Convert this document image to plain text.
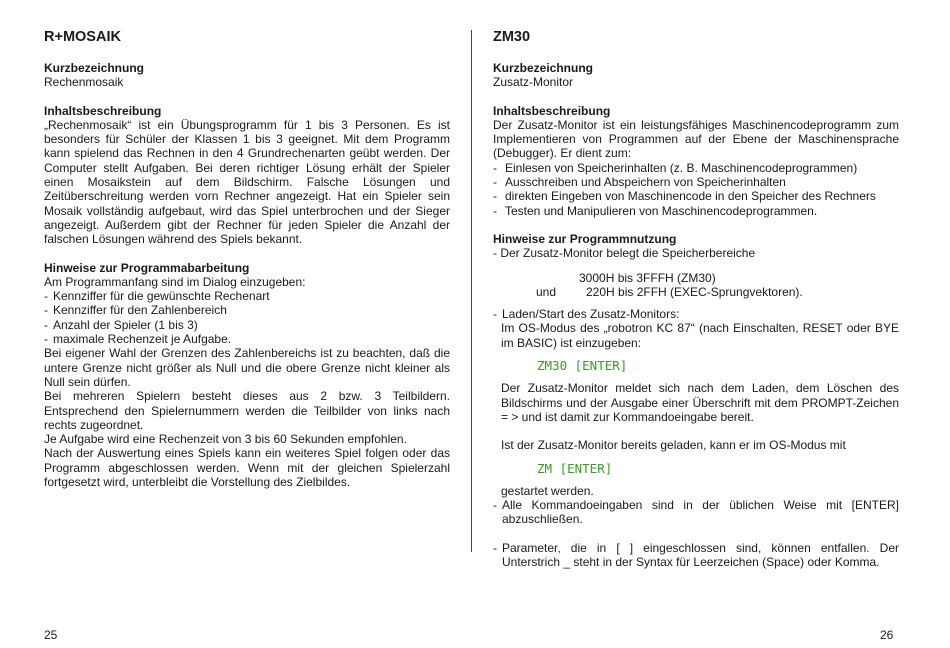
R+MOSAIK
Kurzbezeichnung
Rechenmosaik
Inhaltsbeschreibung
„Rechenmosaik“ ist ein Übungsprogramm für 1 bis 3 Personen. Es ist besonders für Schüler der Klassen 1 bis 3 geeignet. Mit dem Programm kann spielend das Rechnen in den 4 Grundrechenarten geübt werden. Der Computer stellt Aufgaben. Bei deren richtiger Lösung erhält der Spieler einen Mosaikstein auf dem Bildschirm. Falsche Lösungen und Zeitüberschreitung werden vorn Rechner angezeigt. Hat ein Spieler sein Mosaik vollständig aufgebaut, wird das Spiel unterbrochen und der Sieger angezeigt. Außerdem gibt der Rechner für jeden Spieler die Anzahl der falschen Lösungen während des Spiels bekannt.
Hinweise zur Programmabarbeitung
Am Programmanfang sind im Dialog einzugeben:
- Kennziffer für die gewünschte Rechenart
- Kennziffer für den Zahlenbereich
- Anzahl der Spieler (1 bis 3)
- maximale Rechenzeit je Aufgabe.
Bei eigener Wahl der Grenzen des Zahlenbereichs ist zu beachten, daß die untere Grenze nicht größer als Null und die obere Grenze nicht kleiner als Null sein dürfen.
Bei mehreren Spielern besteht dieses aus 2 bzw. 3 Teilbildern. Entsprechend den Spielernummern werden die Teilbilder von links nach rechts zugeordnet.
Je Aufgabe wird eine Rechenzeit von 3 bis 60 Sekunden empfohlen.
Nach der Auswertung eines Spiels kann ein weiteres Spiel folgen oder das Programm abgeschlossen werden. Wenn mit der gleichen Spielerzahl fortgesetzt wird, unterbleibt die Vorstellung des Zielbildes.
ZM30
Kurzbezeichnung
Zusatz-Monitor
Inhaltsbeschreibung
Der Zusatz-Monitor ist ein leistungsfähiges Maschinencodeprogramm zum Implementieren von Programmen auf der Ebene der Maschinensprache (Debugger). Er dient zum:
- Einlesen von Speicherinhalten (z. B. Maschinencodeprogrammen)
- Ausschreiben und Abspeichern von Speicherinhalten
- direkten Eingeben von Maschinencode in den Speicher des Rechners
- Testen und Manipulieren von Maschinencodeprogrammen.
Hinweise zur Programmnutzung
- Der Zusatz-Monitor belegt die Speicherbereiche
3000H bis 3FFFH (ZM30)
und 220H bis 2FFH (EXEC-Sprungvektoren).
- Laden/Start des Zusatz-Monitors:
Im OS-Modus des „robotron KC 87“ (nach Einschalten, RESET oder BYE im BASIC) ist einzugeben:
ZM30 [ENTER]
Der Zusatz-Monitor meldet sich nach dem Laden, dem Löschen des Bildschirms und der Ausgabe einer Überschrift mit dem PROMPT-Zeichen = > und ist damit zur Kommandoeingabe bereit.
Ist der Zusatz-Monitor bereits geladen, kann er im OS-Modus mit
ZM [ENTER]
gestartet werden.
- Alle Kommandoeingaben sind in der üblichen Weise mit [ENTER] abzuschließen.
- Parameter, die in [ ] eingeschlossen sind, können entfallen. Der Unterstrich _ steht in der Syntax für Leerzeichen (Space) oder Komma.
25	26
